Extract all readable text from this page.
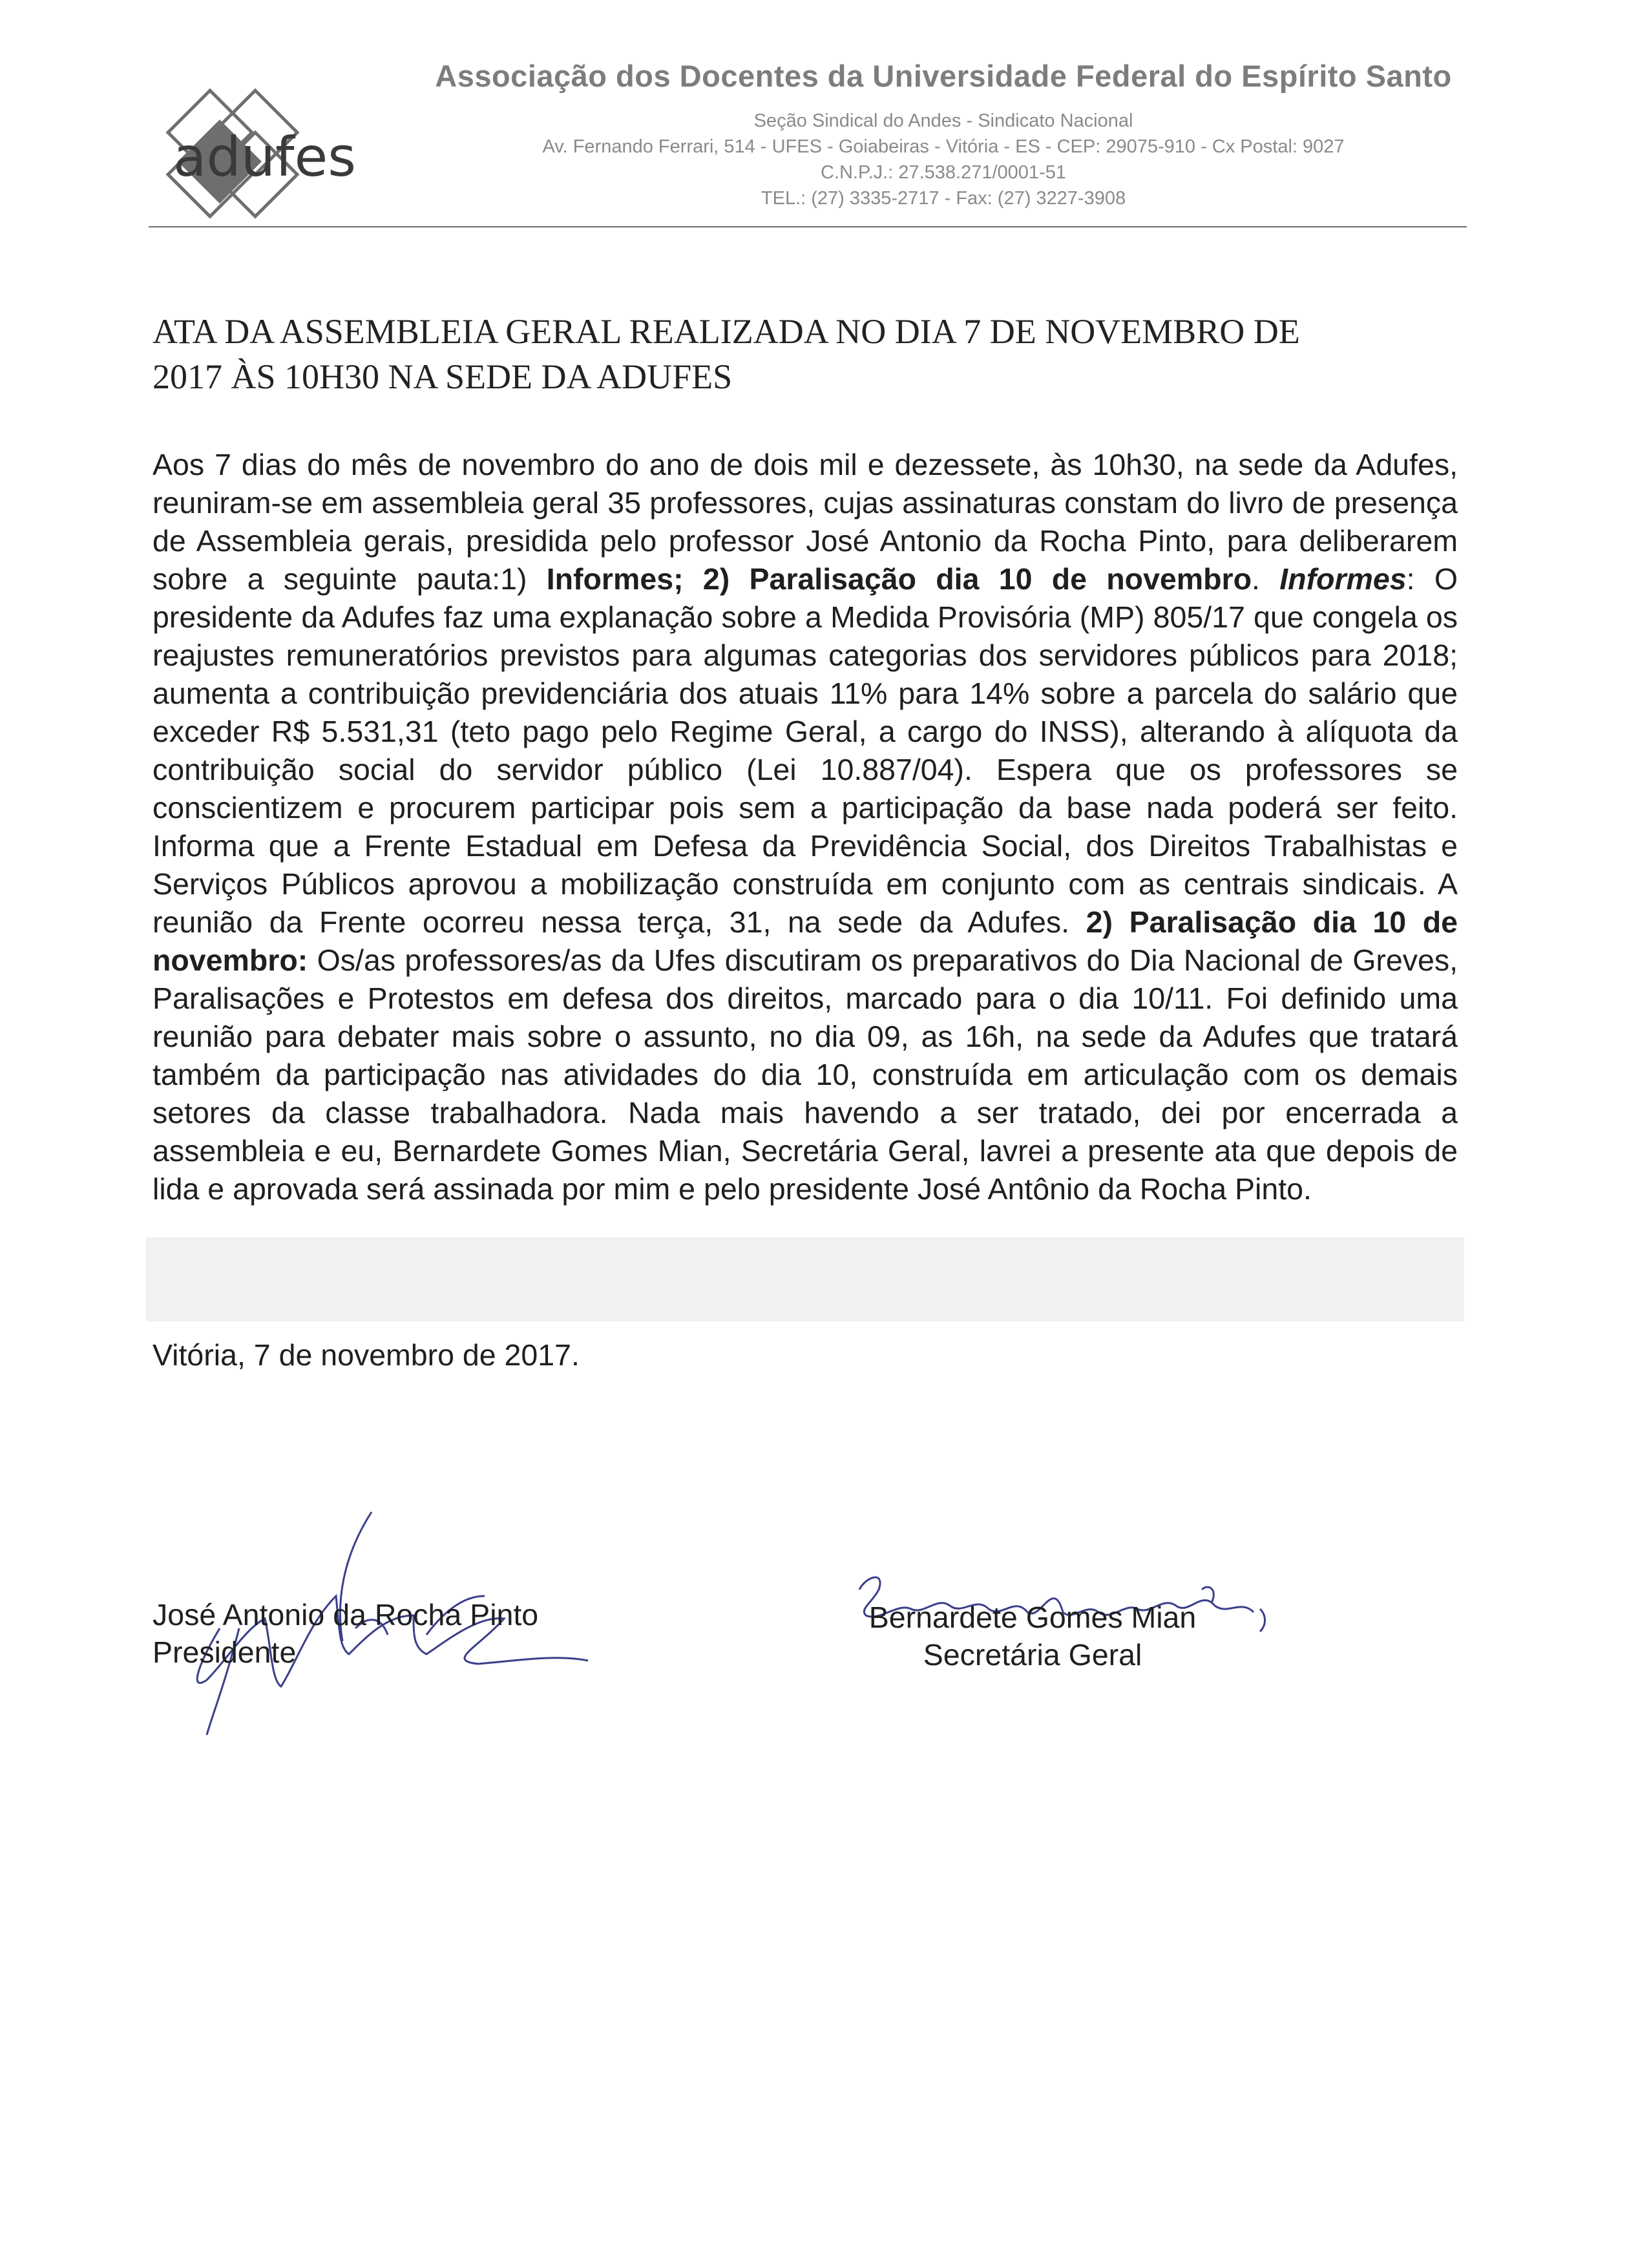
adufes
Associação dos Docentes da Universidade Federal do Espírito Santo
Seção Sindical do Andes - Sindicato Nacional
Av. Fernando Ferrari, 514 - UFES - Goiabeiras - Vitória - ES - CEP: 29075-910 - Cx Postal: 9027
C.N.P.J.: 27.538.271/0001-51
TEL.: (27) 3335-2717 - Fax: (27) 3227-3908
ATA DA ASSEMBLEIA GERAL REALIZADA NO DIA 7 DE NOVEMBRO DE
2017 ÀS 10H30 NA SEDE DA ADUFES
Aos 7 dias do mês de novembro do ano de dois mil e dezessete, às 10h30, na sede da Adufes, reuniram-se em assembleia geral 35 professores, cujas assinaturas constam do livro de presença de Assembleia gerais, presidida pelo professor José Antonio da Rocha Pinto, para deliberarem sobre a seguinte pauta:1) Informes; 2) Paralisação dia 10 de novembro. Informes: O presidente da Adufes faz uma explanação sobre a Medida Provisória (MP) 805/17 que congela os reajustes remuneratórios previstos para algumas categorias dos servidores públicos para 2018; aumenta a contribuição previdenciária dos atuais 11% para 14% sobre a parcela do salário que exceder R$ 5.531,31 (teto pago pelo Regime Geral, a cargo do INSS), alterando à alíquota da contribuição social do servidor público (Lei 10.887/04). Espera que os professores se conscientizem e procurem participar pois sem a participação da base nada poderá ser feito. Informa que a Frente Estadual em Defesa da Previdência Social, dos Direitos Trabalhistas e Serviços Públicos aprovou a mobilização construída em conjunto com as centrais sindicais. A reunião da Frente ocorreu nessa terça, 31, na sede da Adufes. 2) Paralisação dia 10 de novembro: Os/as professores/as da Ufes discutiram os preparativos do Dia Nacional de Greves, Paralisações e Protestos em defesa dos direitos, marcado para o dia 10/11. Foi definido uma reunião para debater mais sobre o assunto, no dia 09, as 16h, na sede da Adufes que tratará também da participação nas atividades do dia 10, construída em articulação com os demais setores da classe trabalhadora. Nada mais havendo a ser tratado, dei por encerrada a assembleia e eu, Bernardete Gomes Mian, Secretária Geral, lavrei a presente ata que depois de lida e aprovada será assinada por mim e pelo presidente José Antônio da Rocha Pinto.
Vitória, 7 de novembro de 2017.
José Antonio da Rocha Pinto
Presidente
Bernardete Gomes Mian
Secretária Geral
